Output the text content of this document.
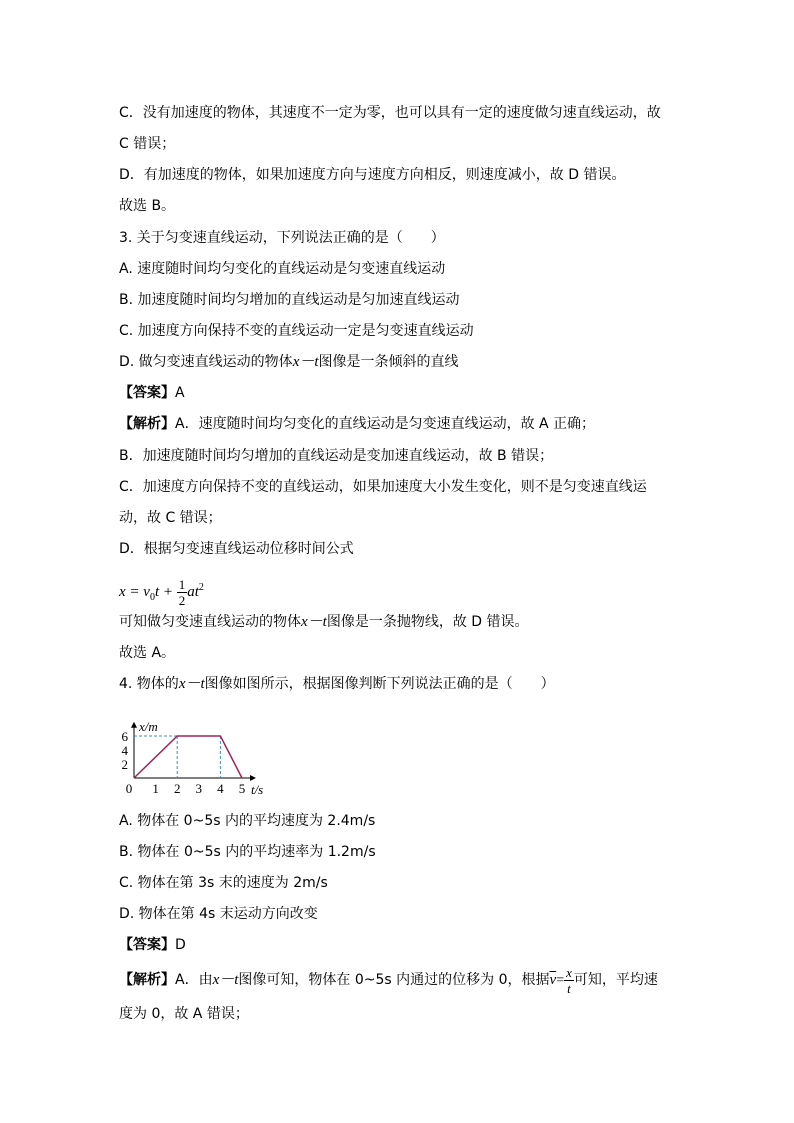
C．没有加速度的物体，其速度不一定为零，也可以具有一定的速度做匀速直线运动，故
C 错误；
D．有加速度的物体，如果加速度方向与速度方向相反，则速度减小，故 D 错误。
故选 B。
3. 关于匀变速直线运动，下列说法正确的是（　　）
A. 速度随时间均匀变化的直线运动是匀变速直线运动
B. 加速度随时间均匀增加的直线运动是匀加速直线运动
C. 加速度方向保持不变的直线运动一定是匀变速直线运动
D. 做匀变速直线运动的物体x－t图像是一条倾斜的直线
【答案】A
【解析】A．速度随时间均匀变化的直线运动是匀变速直线运动，故 A 正确；
B．加速度随时间均匀增加的直线运动是变加速直线运动，故 B 错误；
C．加速度方向保持不变的直线运动，如果加速度大小发生变化，则不是匀变速直线运
动，故 C 错误；
D．根据匀变速直线运动位移时间公式
$x = v_0t + \frac{1}{2} at^2$
可知做匀变速直线运动的物体x－t图像是一条抛物线，故 D 错误。
故选 A。
4. 物体的x－t图像如图所示，根据图像判断下列说法正确的是（　　）
0 1 2 3 4 5
2
4
6
x/m
t/s
A. 物体在 0~5s 内的平均速度为 2.4m/s
B. 物体在 0~5s 内的平均速率为 1.2m/s
C. 物体在第 3s 末的速度为 2m/s
D. 物体在第 4s 末运动方向改变
【答案】D
【解析】A．由x－t图像可知，物体在 0~5s 内通过的位移为 0，根据$\overline{v}= \frac{x}{t}$ 可知，平均速
度为 0，故 A 错误；
